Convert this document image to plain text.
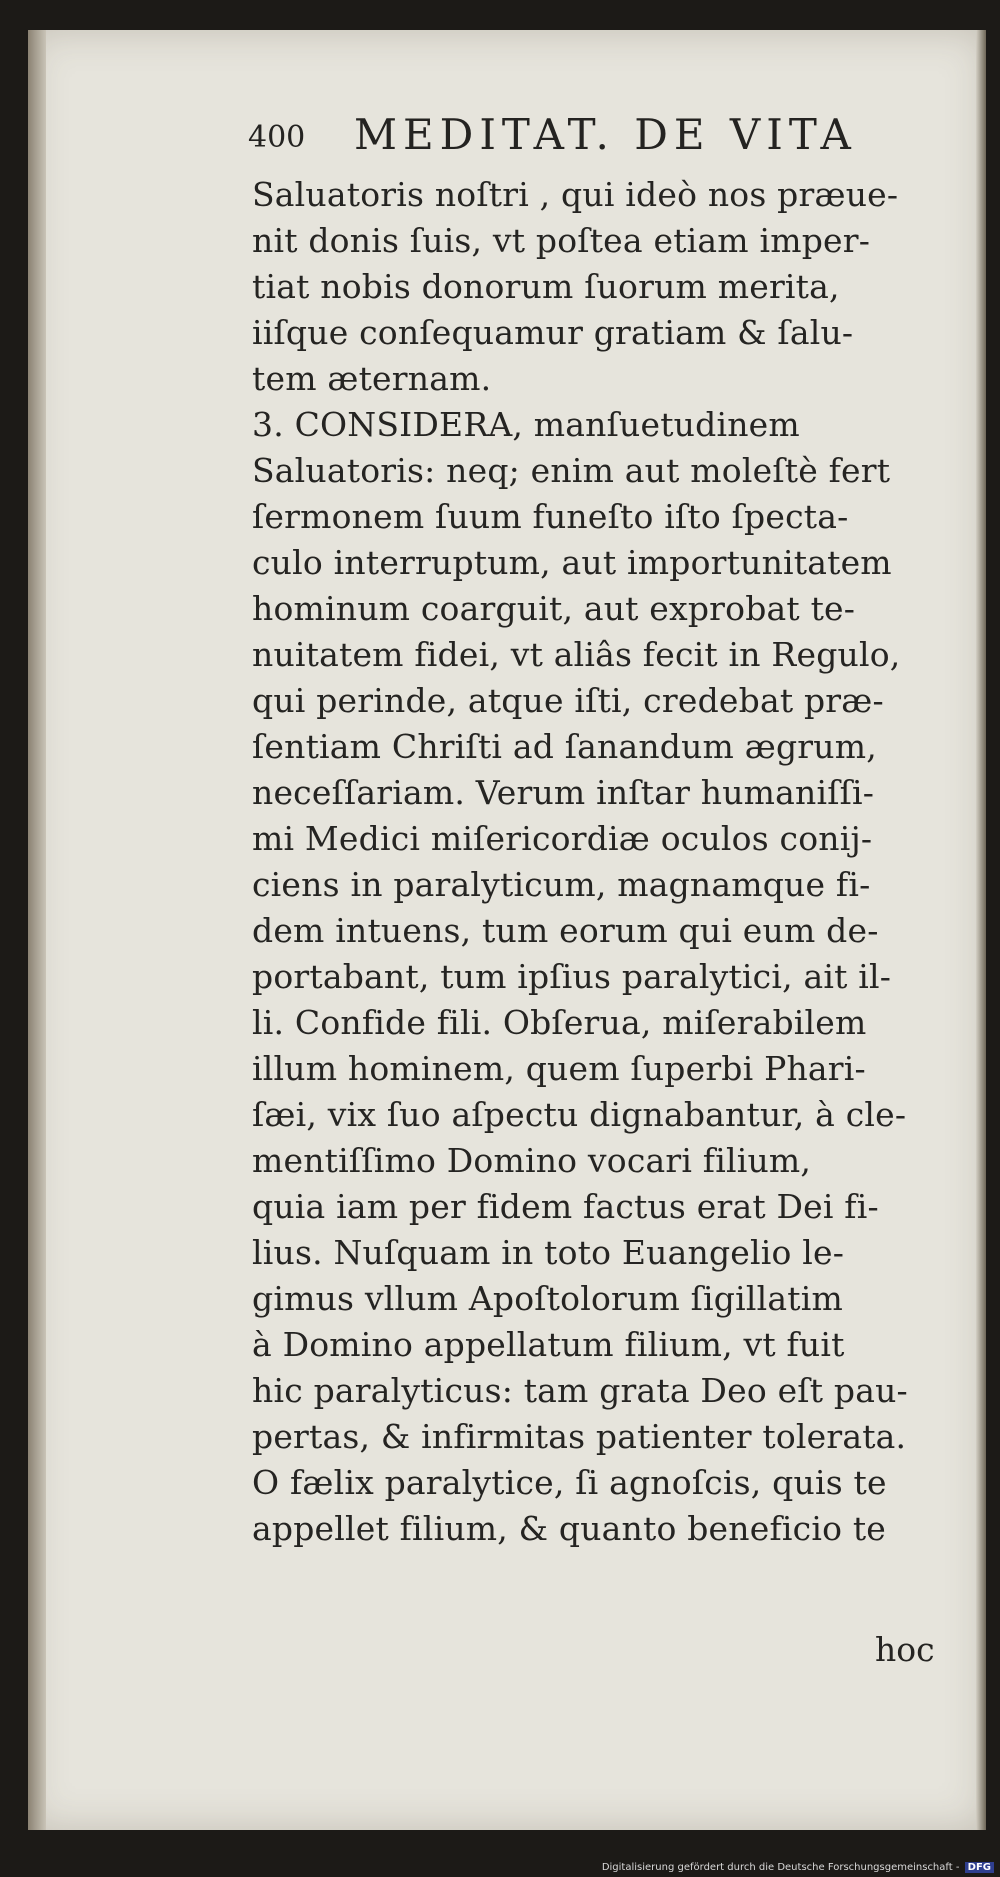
400 MEDITAT. DE VITA
Saluatoris noſtri , qui ideò nos præue-
nit donis ſuis, vt poſtea etiam imper-
tiat nobis donorum ſuorum merita,
iiſque conſequamur gratiam & ſalu-
tem æternam.
3. CONSIDERA, manſuetudinem
Saluatoris: neq; enim aut moleſtè fert
ſermonem ſuum funeſto iſto ſpecta-
culo interruptum, aut importunitatem
hominum coarguit, aut exprobat te-
nuitatem fidei, vt aliâs fecit in Regulo,
qui perinde, atque iſti, credebat præ-
ſentiam Chriſti ad ſanandum ægrum,
neceſſariam. Verum inſtar humaniſſi-
mi Medici miſericordiæ oculos conij-
ciens in paralyticum, magnamque fi-
dem intuens, tum eorum qui eum de-
portabant, tum ipſius paralytici, ait il-
li. Confide fili. Obſerua, miſerabilem
illum hominem, quem ſuperbi Phari-
ſæi, vix ſuo aſpectu dignabantur, à cle-
mentiſſimo Domino vocari filium,
quia iam per fidem factus erat Dei fi-
lius. Nuſquam in toto Euangelio le-
gimus vllum Apoſtolorum ſigillatim
à Domino appellatum filium, vt fuit
hic paralyticus: tam grata Deo eſt pau-
pertas, & infirmitas patienter tolerata.
O fælix paralytice, ſi agnoſcis, quis te
appellet filium, & quanto beneficio te
hoc
Digitalisierung gefördert durch die Deutsche Forschungsgemeinschaft - DFG
